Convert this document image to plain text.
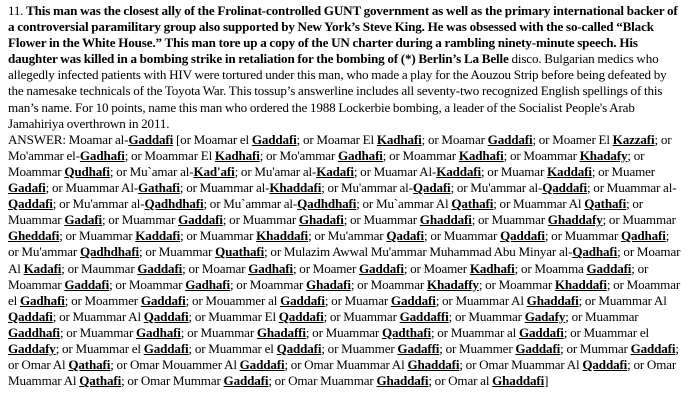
11. This man was the closest ally of the Frolinat-controlled GUNT government as well as the primary international backer of a controversial paramilitary group also supported by New York’s Steve King. He was obsessed with the so-called “Black Flower in the White House.” This man tore up a copy of the UN charter during a rambling ninety-minute speech. His daughter was killed in a bombing strike in retaliation for the bombing of (*) Berlin’s La Belle disco. Bulgarian medics who allegedly infected patients with HIV were tortured under this man, who made a play for the Aouzou Strip before being defeated by the namesake technicals of the Toyota War. This tossup’s answerline includes all seventy-two recognized English spellings of this man’s name. For 10 points, name this man who ordered the 1988 Lockerbie bombing, a leader of the Socialist People's Arab Jamahiriya overthrown in 2011.

ANSWER: Moamar al-Gaddafi [or Moamar el Gaddafi; or Moamar El Kadhafi; or Moamar Gaddafi; or Moamer El Kazzafi; or Mo'ammar el-Gadhafi; or Moammar El Kadhafi; or Mo'ammar Gadhafi; or Moammar Kadhafi; or Moammar Khadafy; or Moammar Qudhafi; or Mu`amar al-Kad'afi; or Mu'amar al-Kadafi; or Muamar Al-Kaddafi; or Muamar Kaddafi; or Muamer Gadafi; or Muammar Al-Gathafi; or Muammar al-Khaddafi; or Mu'ammar al-Qadafi; or Mu'ammar al-Qaddafi; or Muammar al-Qaddafi; or Mu'ammar al-Qadhdhafi; or Mu`ammar al-Qadhdhafi; or Mu`ammar Al Qathafi; or Muammar Al Qathafi; or Muammar Gadafi; or Muammar Gaddafi; or Muammar Ghadafi; or Muammar Ghaddafi; or Muammar Ghaddafy; or Muammar Gheddafi; or Muammar Kaddafi; or Muammar Khaddafi; or Mu'ammar Qadafi; or Muammar Qaddafi; or Muammar Qadhafi; or Mu'ammar Qadhdhafi; or Muammar Quathafi; or Mulazim Awwal Mu'ammar Muhammad Abu Minyar al-Qadhafi; or Moamar Al Kadafi; or Maummar Gaddafi; or Moamar Gadhafi; or Moamer Gaddafi; or Moamer Kadhafi; or Moamma Gaddafi; or Moammar Gaddafi; or Moammar Gadhafi; or Moammar Ghadafi; or Moammar Khadaffy; or Moammar Khaddafi; or Moammar el Gadhafi; or Moammer Gaddafi; or Mouammer al Gaddafi; or Muamar Gaddafi; or Muammar Al Ghaddafi; or Muammar Al Qaddafi; or Muammar Al Qaddafi; or Muammar El Qaddafi; or Muammar Gaddaffi; or Muammar Gadafy; or Muammar Gaddhafi; or Muammar Gadhafi; or Muammar Ghadaffi; or Muammar Qadthafi; or Muammar al Gaddafi; or Muammar el Gaddafy; or Muammar el Gaddafi; or Muammar el Qaddafi; or Muammer Gadaffi; or Muammer Gaddafi; or Mummar Gaddafi; or Omar Al Qathafi; or Omar Mouammer Al Gaddafi; or Omar Muammar Al Ghaddafi; or Omar Muammar Al Qaddafi; or Omar Muammar Al Qathafi; or Omar Mummar Gaddafi; or Omar Muammar Ghaddafi; or Omar al Ghaddafi]
